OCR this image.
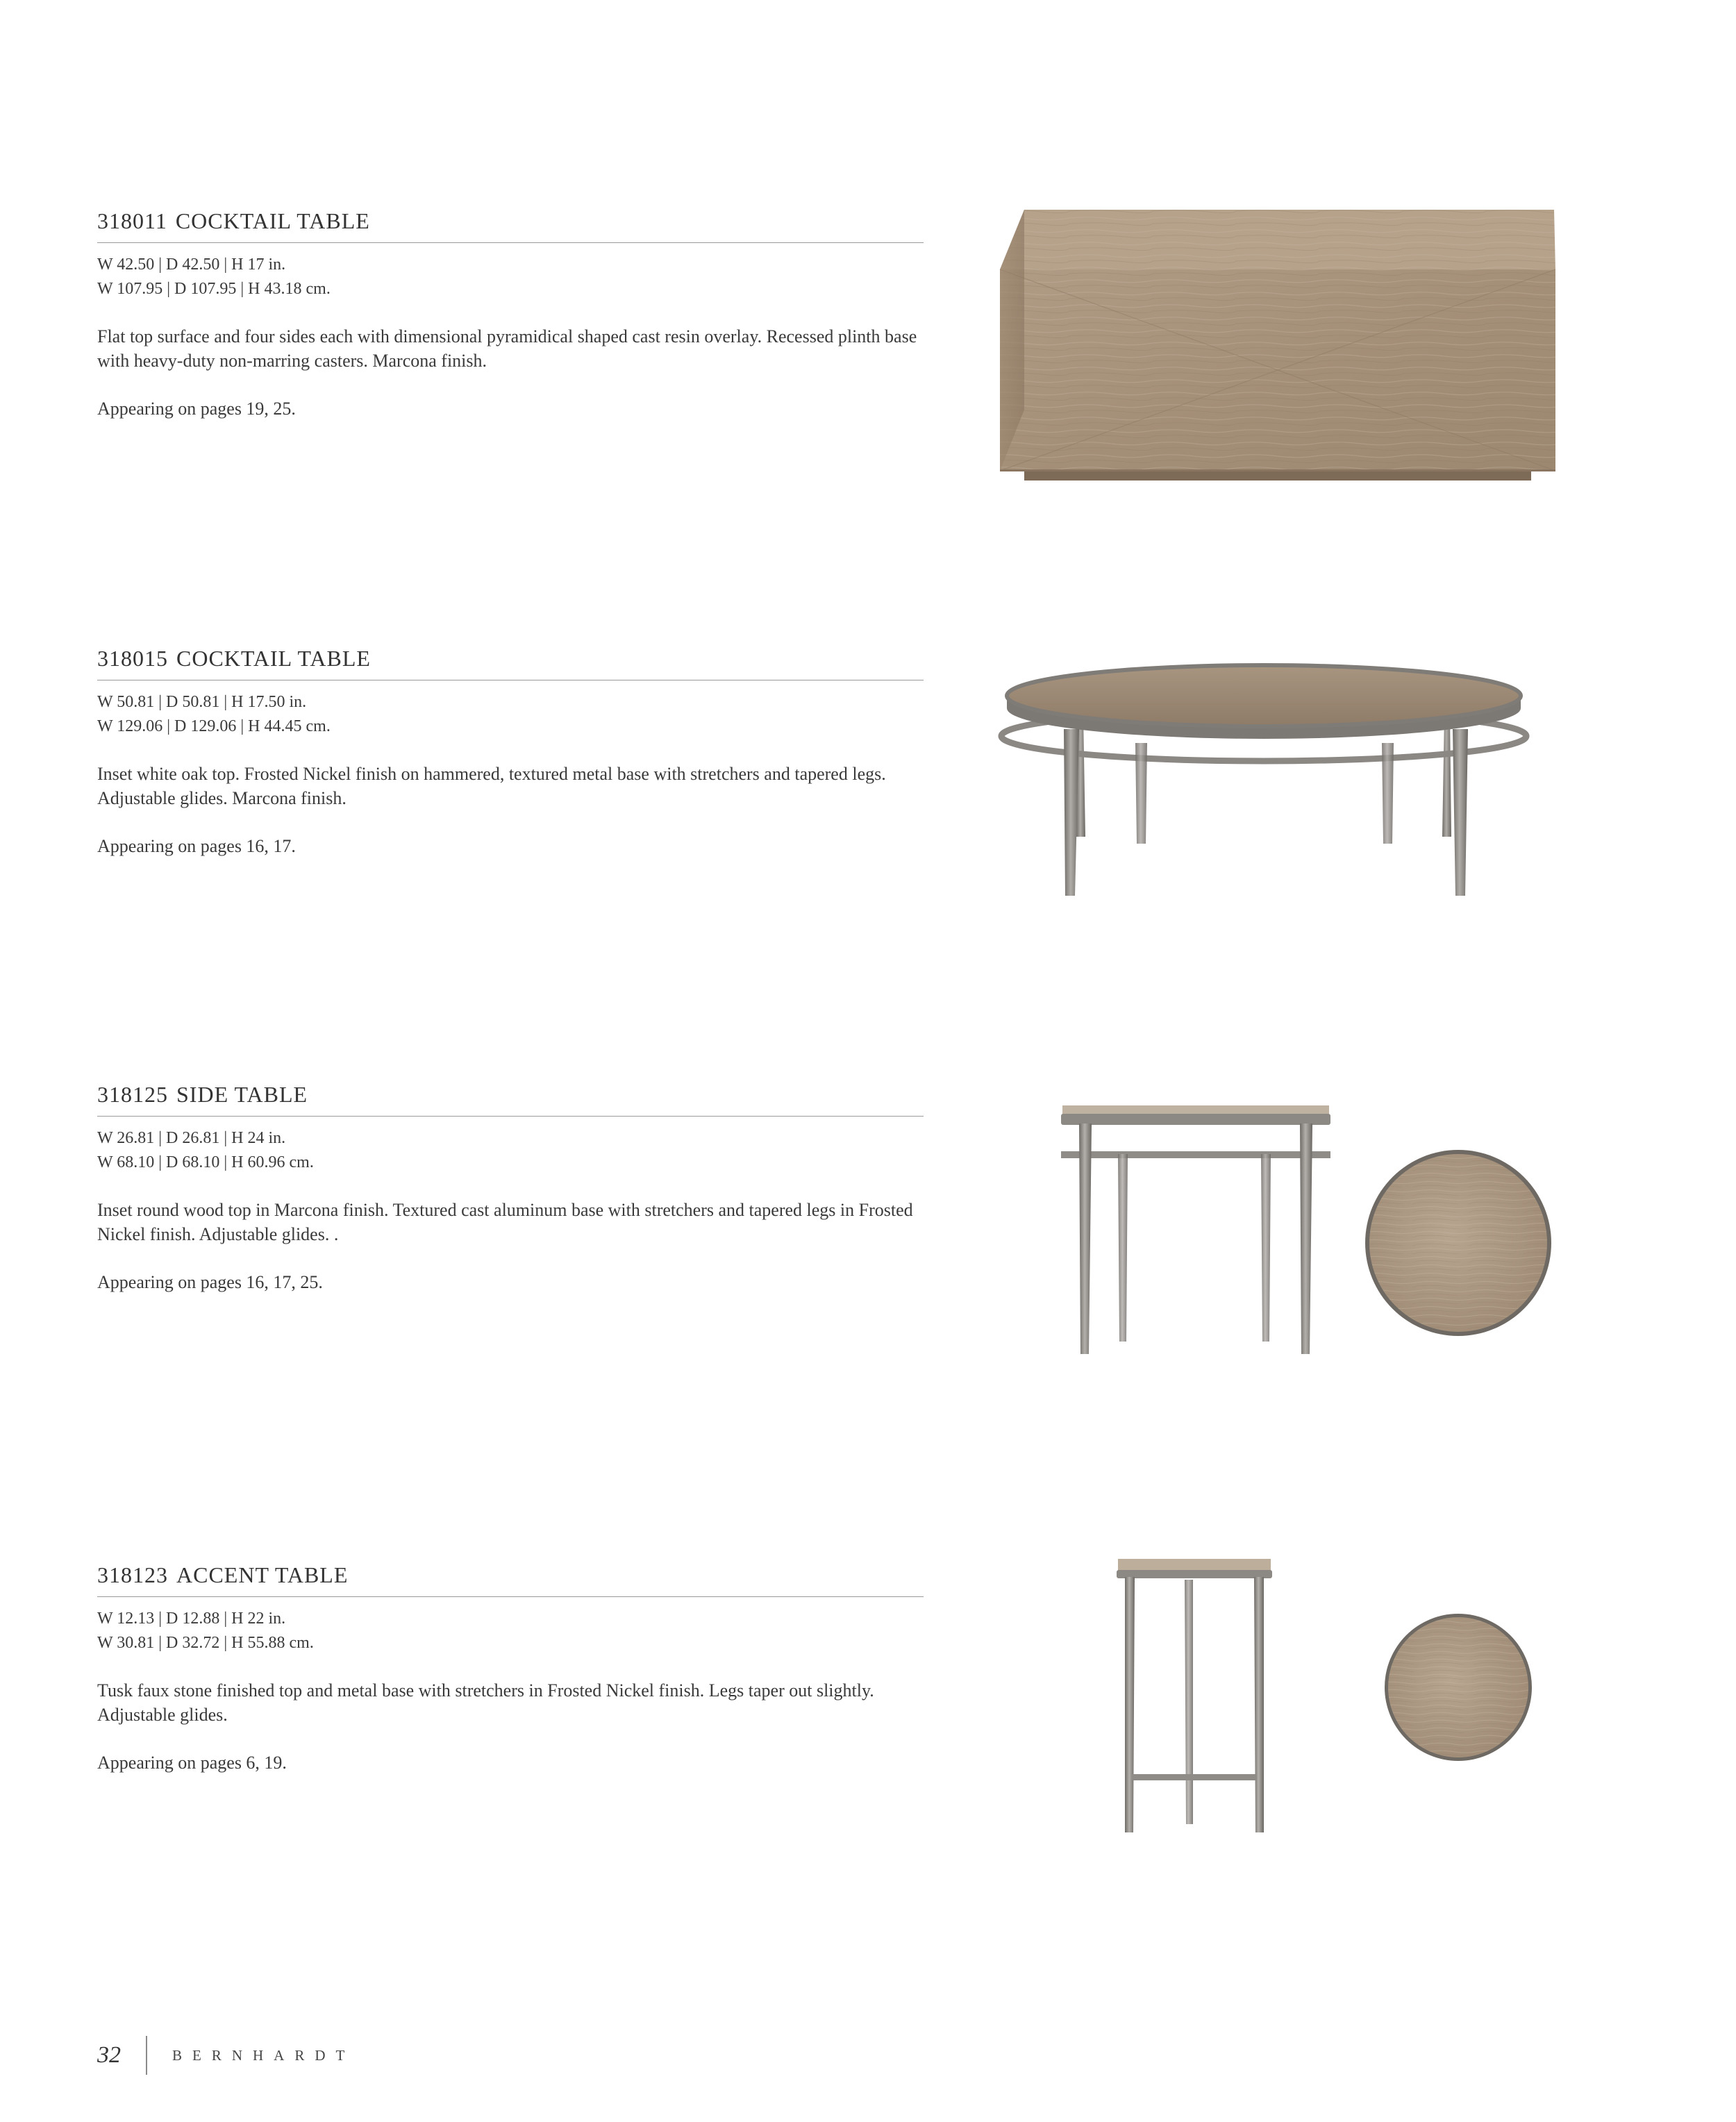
318011 COCKTAIL TABLE
W 42.50 | D 42.50 | H 17 in.
W 107.95 | D 107.95 | H 43.18 cm.
Flat top surface and four sides each with dimensional pyramidical shaped cast resin overlay. Recessed plinth base with heavy-duty non-marring casters. Marcona finish.
Appearing on pages 19, 25.
318015 COCKTAIL TABLE
W 50.81 | D 50.81 | H 17.50 in.
W 129.06 | D 129.06 | H 44.45 cm.
Inset white oak top. Frosted Nickel finish on hammered, textured metal base with stretchers and tapered legs. Adjustable glides. Marcona finish.
Appearing on pages 16, 17.
318125 SIDE TABLE
W 26.81 | D 26.81 | H 24 in.
W 68.10 | D 68.10 | H 60.96 cm.
Inset round wood top in Marcona finish. Textured cast aluminum base with stretchers and tapered legs in Frosted Nickel finish. Adjustable glides. .
Appearing on pages 16, 17, 25.
318123 ACCENT TABLE
W 12.13 | D 12.88 | H 22 in.
W 30.81 | D 32.72 | H 55.88 cm.
Tusk faux stone finished top and metal base with stretchers in Frosted Nickel finish. Legs taper out slightly. Adjustable glides.
Appearing on pages 6, 19.
32	BERNHARDT
